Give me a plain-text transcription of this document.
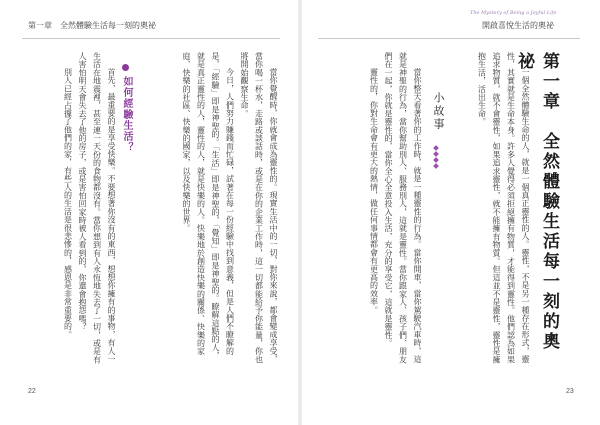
第一章　全然體驗生活每一刻的奧祕
The Mystery of Being a Joyful Life
開啟喜悅生活的奧祕

當你覺醒時，你就會成為靈性的。現實生活中的一切，對你來說，都會變成享受，當你喝一杯水，走路或談話時，或是在你的企業工作時，這一切都能給予你能量，你也將開始觀察生命。

今日，人們努力賺錢而忙碌，試著在每一份經驗中找到意義，但是人們不瞭解的是，「經驗」即是神聖的。「生活」即是神聖的，「覺知」即是神聖的。瞭解這點的人，就是真正靈性的人，靈性的人，就是快樂的人。快樂地於創造快樂的關係、快樂的家庭、快樂的社區、快樂的國家，以及快樂的世界。

如何經驗生活？

首先，最重要的是享受快樂。不要想著你沒有的東西，想想你擁有的事物，有人一生活在地震裡，甚至連一天份的食物都沒有。當你想到有人永恆地失去了一切，或是有人害怕明天會失去了他的房子，或是害怕回家時被人看到的，你還會抱怨嗎？

別人已經占據了他們的家，有些人的生活是很悲慘的，感恩是非常重要的。

22
第一章　全然體驗生活每一刻的奧祕

一個全然體驗生命的人，就是一個真正靈性的人。靈性，不是另一種存在形式，靈性，其實就是生命本身。許多人覺得必須拒絕擁有物質，才能得到靈性。他們認為如果追求物質，就不會靈性，如果追求靈性，就不能擁有物質。但這並不是靈性，靈性是擁抱生活，活出生命。

小故事

當你整天看著你的工作時，就是一種靈性的行為。當你開車，當你駕駛汽車時，這就是神聖的行為，當你幫助別人、服務別人，這就是靈性。當你跟家人、孩子們、朋友們在一起，你就是靈性的，當你全心全意投入生活，充分的享受它，這就是靈性。

靈性的，你對生命會有更大的熱情，做任何事情都會有更高的效率。

23
